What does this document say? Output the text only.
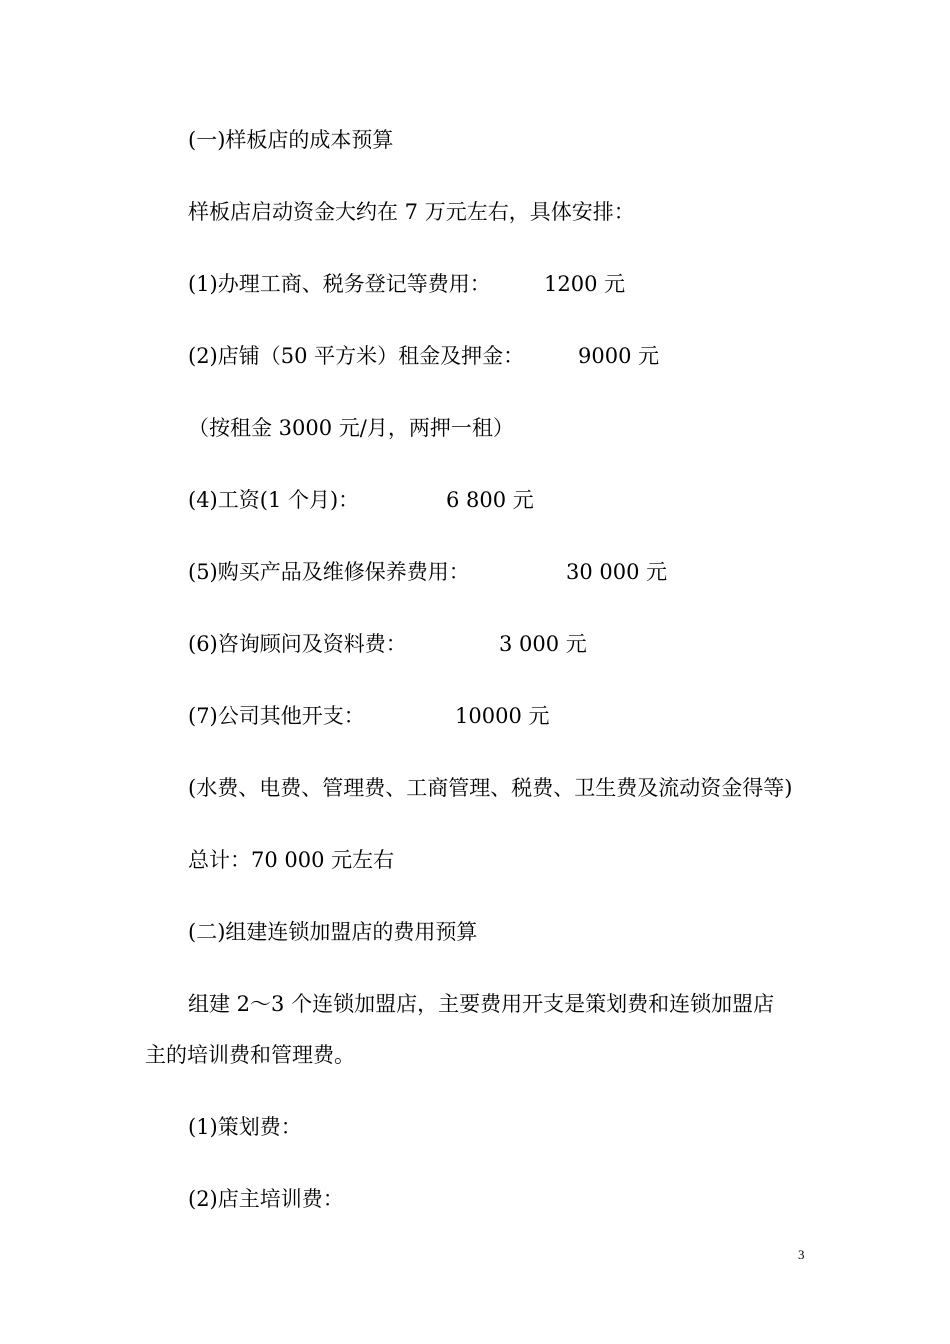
(一)样板店的成本预算
样板店启动资金大约在 7 万元左右，具体安排：
(1)办理工商、税务登记等费用：	1200 元
(2)店铺（50 平方米）租金及押金：	9000 元
（按租金 3000 元/月，两押一租）
(4)工资(1 个月)：	6 800 元
(5)购买产品及维修保养费用：	30 000 元
(6)咨询顾问及资料费：	3 000 元
(7)公司其他开支：	10000 元
(水费、电费、管理费、工商管理、税费、卫生费及流动资金得等)
总计：70 000 元左右
(二)组建连锁加盟店的费用预算
组建 2～3 个连锁加盟店，主要费用开支是策划费和连锁加盟店
主的培训费和管理费。
(1)策划费：
(2)店主培训费：
3
